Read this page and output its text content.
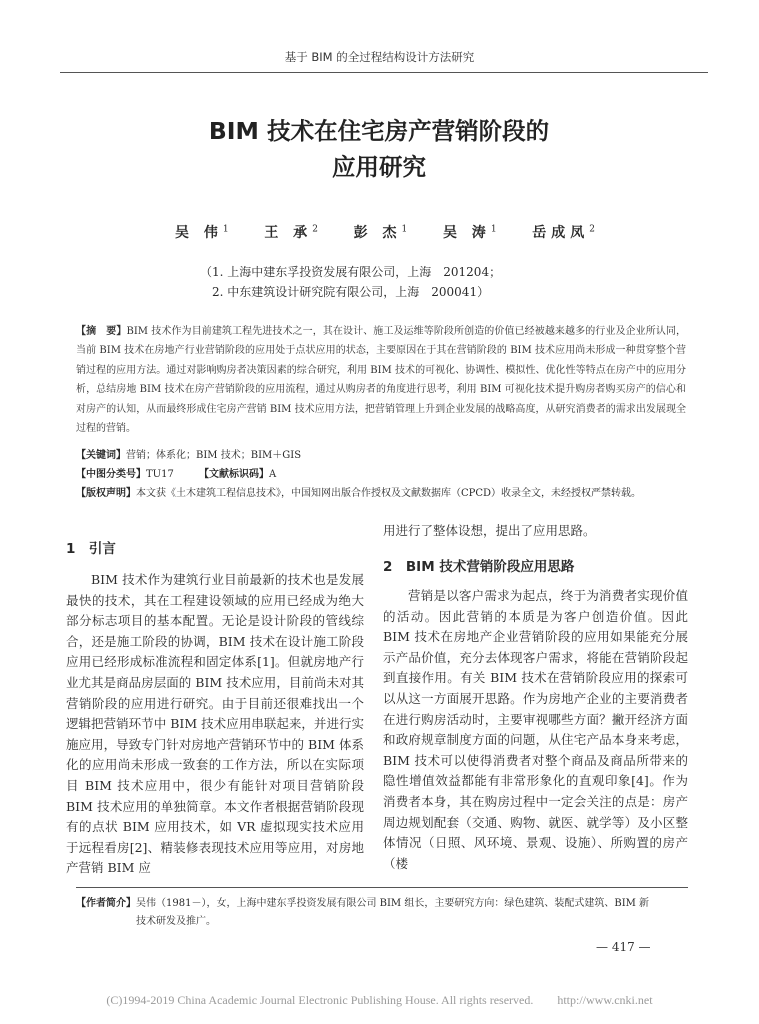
基于 BIM 的全过程结构设计方法研究
BIM 技术在住宅房产营销阶段的
应用研究
吴 伟$^1$	王 承$^2$	彭 杰$^1$	吴 涛$^1$	岳成凤$^2$
（1. 上海中建东孚投资发展有限公司，上海　201204；
　2. 中东建筑设计研究院有限公司，上海　200041）
【摘　要】BIM 技术作为目前建筑工程先进技术之一，其在设计、施工及运维等阶段所创造的价值已经被越来越多的行业及企业所认同，当前 BIM 技术在房地产行业营销阶段的应用处于点状应用的状态，主要原因在于其在营销阶段的 BIM 技术应用尚未形成一种贯穿整个营销过程的应用方法。通过对影响购房者决策因素的综合研究，利用 BIM 技术的可视化、协调性、模拟性、优化性等特点在房产中的应用分析，总结房地 BIM 技术在房产营销阶段的应用流程，通过从购房者的角度进行思考，利用 BIM 可视化技术提升购房者购买房产的信心和对房产的认知，从而最终形成住宅房产营销 BIM 技术应用方法，把营销管理上升到企业发展的战略高度，从研究消费者的需求出发展现全过程的营销。
【关键词】营销；体系化；BIM 技术；BIM＋GIS
【中图分类号】TU17	【文献标识码】A
【版权声明】本文获《土木建筑工程信息技术》，中国知网出版合作授权及文献数据库（CPCD）收录全文，未经授权严禁转载。
1　引言

BIM 技术作为建筑行业目前最新的技术也是发展最快的技术，其在工程建设领域的应用已经成为绝大部分标志项目的基本配置。无论是设计阶段的管线综合，还是施工阶段的协调，BIM 技术在设计施工阶段应用已经形成标准流程和固定体系[1]。但就房地产行业尤其是商品房层面的 BIM 技术应用，目前尚未对其营销阶段的应用进行研究。由于目前还很难找出一个逻辑把营销环节中 BIM 技术应用串联起来，并进行实施应用，导致专门针对房地产营销环节中的 BIM 体系化的应用尚未形成一致套的工作方法，所以在实际项目 BIM 技术应用中，很少有能针对项目营销阶段 BIM 技术应用的单独简章。本文作者根据营销阶段现有的点状 BIM 应用技术，如 VR 虚拟现实技术应用于远程看房[2]、精装修表现技术应用等应用，对房地产营销 BIM 应

用进行了整体设想，提出了应用思路。
2　BIM 技术营销阶段应用思路

营销是以客户需求为起点，终于为消费者实现价值的活动。因此营销的本质是为客户创造价值。因此 BIM 技术在房地产企业营销阶段的应用如果能充分展示产品价值，充分去体现客户需求，将能在营销阶段起到直接作用。有关 BIM 技术在营销阶段应用的探索可以从这一方面展开思路。作为房地产企业的主要消费者在进行购房活动时，主要审视哪些方面？撇开经济方面和政府规章制度方面的问题，从住宅产品本身来考虑，BIM 技术可以使得消费者对整个商品及商品所带来的隐性增值效益都能有非常形象化的直观印象[4]。作为消费者本身，其在购房过程中一定会关注的点是：房产周边规划配套（交通、购物、就医、就学等）及小区整体情况（日照、风环境、景观、设施）、所购置的房产（楼

【作者简介】吴伟（1981－），女，上海中建东孚投资发展有限公司 BIM 组长，主要研究方向：绿色建筑、装配式建筑、BIM 新技术研发及推广。
— 417 —
(C)1994-2019 China Academic Journal Electronic Publishing House. All rights reserved.　　http://www.cnki.net
